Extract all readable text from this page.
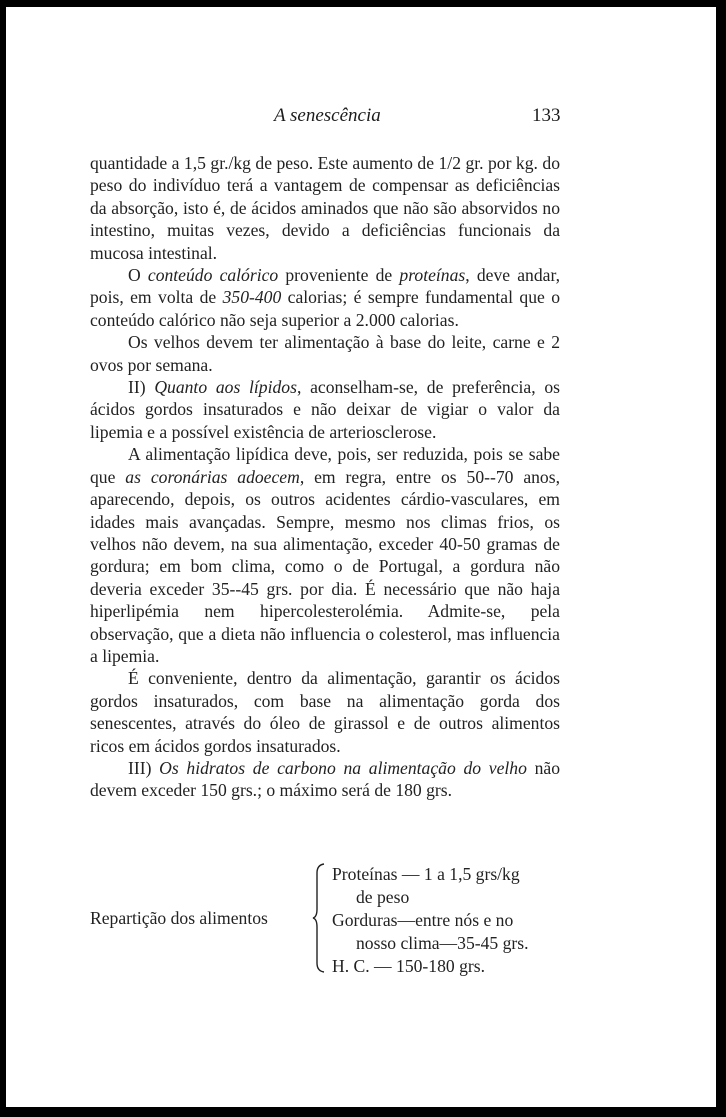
A senescência	133

quantidade a 1,5 gr./kg de peso. Este aumento de 1/2 gr. por kg. do peso do indivíduo terá a vantagem de compensar as deficiências da absorção, isto é, de ácidos aminados que não são absorvidos no intestino, muitas vezes, devido a deficiências funcionais da mucosa intestinal.

O conteúdo calórico proveniente de proteínas, deve andar, pois, em volta de 350-400 calorias; é sempre fundamental que o conteúdo calórico não seja superior a 2.000 calorias.

Os velhos devem ter alimentação à base do leite, carne e 2 ovos por semana.

II) Quanto aos lípidos, aconselham-se, de preferência, os ácidos gordos insaturados e não deixar de vigiar o valor da lipemia e a possível existência de arteriosclerose.

A alimentação lipídica deve, pois, ser reduzida, pois se sabe que as coronárias adoecem, em regra, entre os 50--70 anos, aparecendo, depois, os outros acidentes cárdio-vasculares, em idades mais avançadas. Sempre, mesmo nos climas frios, os velhos não devem, na sua alimentação, exceder 40-50 gramas de gordura; em bom clima, como o de Portugal, a gordura não deveria exceder 35--45 grs. por dia. É necessário que não haja hiperlipémia nem hipercolesterolémia. Admite-se, pela observação, que a dieta não influencia o colesterol, mas influencia a lipemia.

É conveniente, dentro da alimentação, garantir os ácidos gordos insaturados, com base na alimentação gorda dos senescentes, através do óleo de girassol e de outros alimentos ricos em ácidos gordos insaturados.

III) Os hidratos de carbono na alimentação do velho não devem exceder 150 grs.; o máximo será de 180 grs.

Repartição dos alimentos
Proteínas — 1 a 1,5 grs/kg
de peso
Gorduras—entre nós e no
nosso clima—35-45 grs.
H. C. — 150-180 grs.
